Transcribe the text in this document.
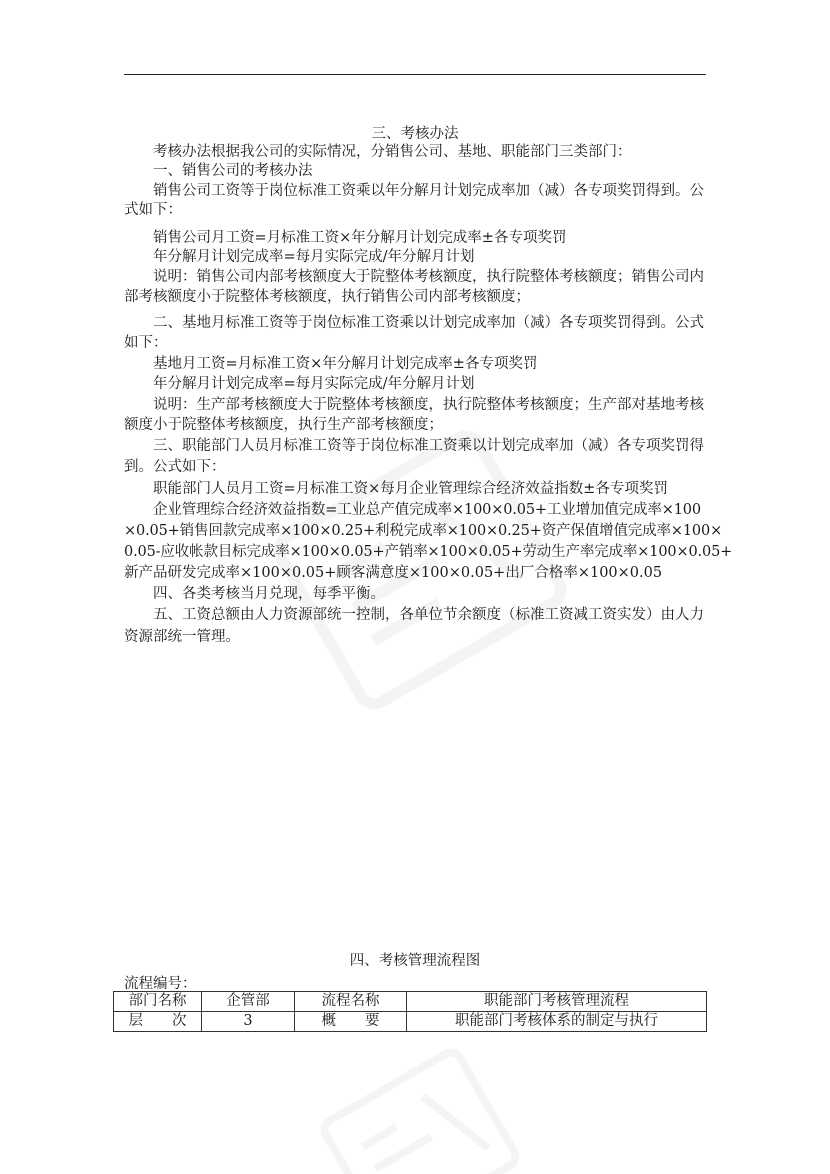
三、考核办法
考核办法根据我公司的实际情况，分销售公司、基地、职能部门三类部门：
一、销售公司的考核办法
销售公司工资等于岗位标准工资乘以年分解月计划完成率加（减）各专项奖罚得到。公
式如下：
销售公司月工资=月标准工资×年分解月计划完成率±各专项奖罚
年分解月计划完成率=每月实际完成/年分解月计划
说明：销售公司内部考核额度大于院整体考核额度，执行院整体考核额度；销售公司内
部考核额度小于院整体考核额度，执行销售公司内部考核额度；
二、基地月标准工资等于岗位标准工资乘以计划完成率加（减）各专项奖罚得到。公式
如下：
基地月工资=月标准工资×年分解月计划完成率±各专项奖罚
年分解月计划完成率=每月实际完成/年分解月计划
说明：生产部考核额度大于院整体考核额度，执行院整体考核额度；生产部对基地考核
额度小于院整体考核额度，执行生产部考核额度；
三、职能部门人员月标准工资等于岗位标准工资乘以计划完成率加（减）各专项奖罚得
到。公式如下：
职能部门人员月工资=月标准工资×每月企业管理综合经济效益指数±各专项奖罚
企业管理综合经济效益指数=工业总产值完成率×100×0.05+工业增加值完成率×100
×0.05+销售回款完成率×100×0.25+利税完成率×100×0.25+资产保值增值完成率×100×
0.05-应收帐款目标完成率×100×0.05+产销率×100×0.05+劳动生产率完成率×100×0.05+
新产品研发完成率×100×0.05+顾客满意度×100×0.05+出厂合格率×100×0.05
四、各类考核当月兑现，每季平衡。
五、工资总额由人力资源部统一控制，各单位节余额度（标准工资减工资实发）由人力
资源部统一管理。
四、考核管理流程图
流程编号：
部门名称	企管部	流程名称	职能部门考核管理流程
层　　次	3	概　　要	职能部门考核体系的制定与执行
